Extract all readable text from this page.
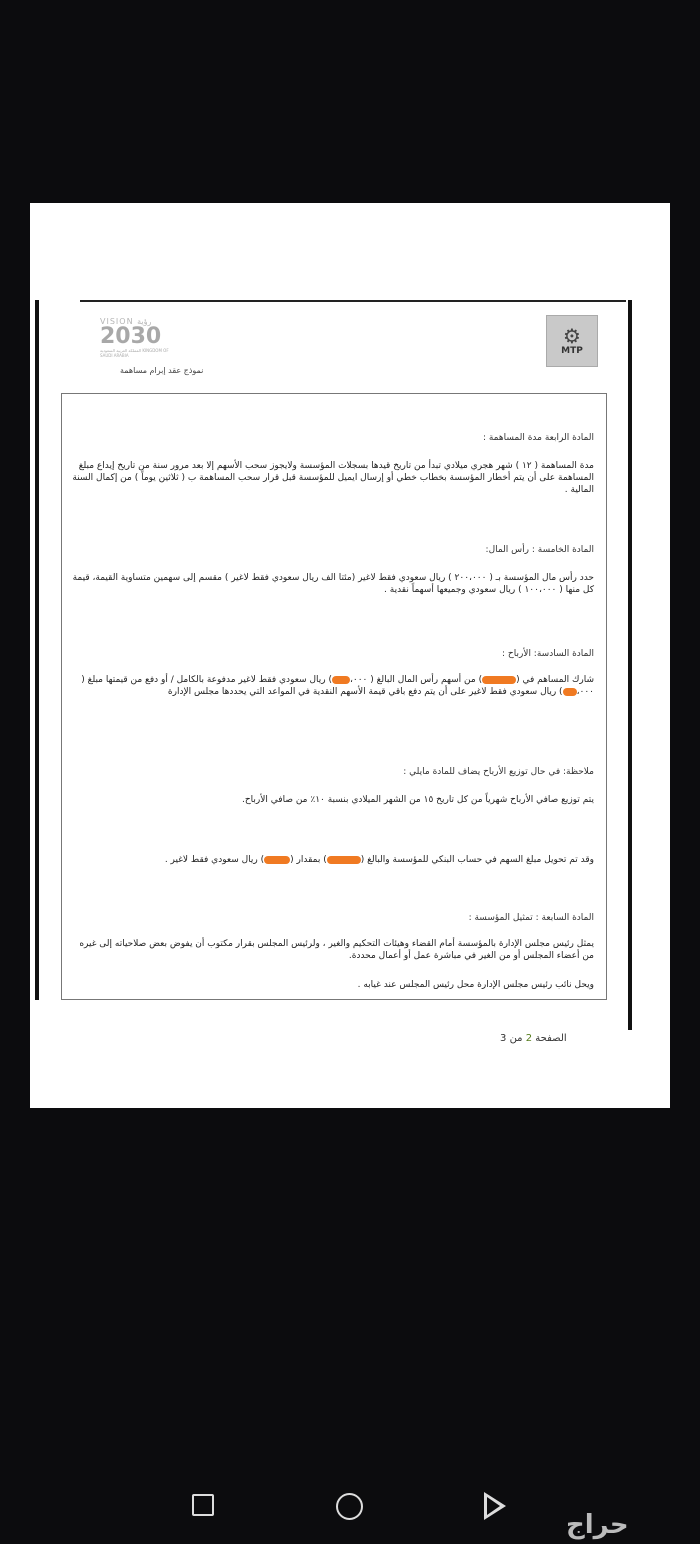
⚙
MTP
VISION رؤية
2030
المملكة العربية السعودية KINGDOM OF SAUDI ARABIA
نموذج عقد إبرام مساهمة
المادة الرابعة مدة المساهمة :
مدة المساهمة ( ١٢ ) شهر هجري ميلادي تبدأ من تاريخ قيدها بسجلات المؤسسة ولايجوز سحب الأسهم إلا بعد مرور سنة من تاريخ إيداع مبلغ المساهمة على أن يتم أخطار المؤسسة بخطاب خطي أو إرسال ايميل للمؤسسة قبل قرار سحب المساهمة ب ( ثلاثين يوماً ) من إكمال السنة المالية .
المادة الخامسة : رأس المال:
حدد رأس مال المؤسسة بـ ( ٢٠٠،٠٠٠ ) ريال سعودي فقط لاغير (مئتا الف ريال سعودي فقط لاغير ) مقسم إلى سهمين متساوية القيمة، قيمة كل منها ( ١٠٠،٠٠٠ ) ريال سعودي وجميعها أسهماً نقدية .
المادة السادسة: الأرباح :
شارك المساهم في () من أسهم رأس المال البالغ ( ٠٠٠،) ريال سعودي فقط لاغير مدفوعة بالكامل / أو دفع من قيمتها مبلغ ( ٠٠٠،) ريال سعودي فقط لاغير على أن يتم دفع باقي قيمة الأسهم النقدية في المواعد التي يحددها مجلس الإدارة
ملاحظة: في حال توزيع الأرباح يضاف للمادة مايلي :
يتم توزيع صافي الأرباح شهرياً من كل تاريخ ١٥ من الشهر الميلادي بنسبة ١٠٪ من صافي الأرباح.
وقد تم تحويل مبلغ السهم في حساب البنكي للمؤسسة والبالغ () بمقدار () ريال سعودي فقط لاغير .
المادة السابعة : تمثيل المؤسسة :
يمثل رئيس مجلس الإدارة بالمؤسسة أمام القضاء وهيئات التحكيم والغير ، ولرئيس المجلس بقرار مكتوب أن يفوض بعض صلاحياته إلى غيره من أعضاء المجلس أو من الغير في مباشرة عمل أو أعمال محددة.
ويحل نائب رئيس مجلس الإدارة محل رئيس المجلس عند غيابه .
الصفحة 2 من 3
حراج
